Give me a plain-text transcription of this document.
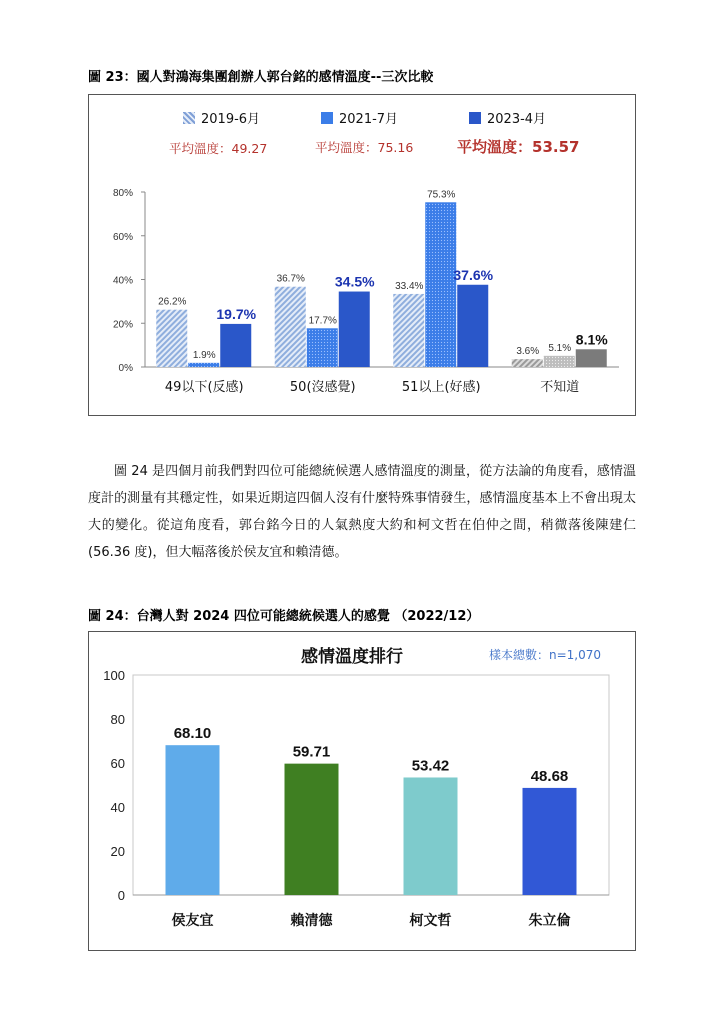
圖 23：國人對鴻海集團創辦人郭台銘的感情溫度--三次比較
2019-6月	2021-7月	2023-4月
平均溫度：49.27	平均溫度：75.16	平均溫度：53.57
0%
20%
40%
60%
80%
26.2%
1.9%
19.7%
49以下(反感)
36.7%
17.7%
34.5%
50(沒感覺)
33.4%
75.3%
37.6%
51以上(好感)
3.6% 5.1%
8.1%
不知道
圖 24 是四個月前我們對四位可能總統候選人感情溫度的測量，從方法論的角度看，感情溫度計的測量有其穩定性，如果近期這四個人沒有什麼特殊事情發生，感情溫度基本上不會出現太大的變化。從這角度看，郭台銘今日的人氣熱度大約和柯文哲在伯仲之間，稍微落後陳建仁(56.36 度)，但大幅落後於侯友宜和賴清德。
圖 24：台灣人對 2024 四位可能總統候選人的感覺 （2022/12）
感情溫度排行	樣本總數：n=1,070
0
20
40
60
80
100
68.10
侯友宜
59.71
賴清德
53.42
柯文哲
48.68
朱立倫
